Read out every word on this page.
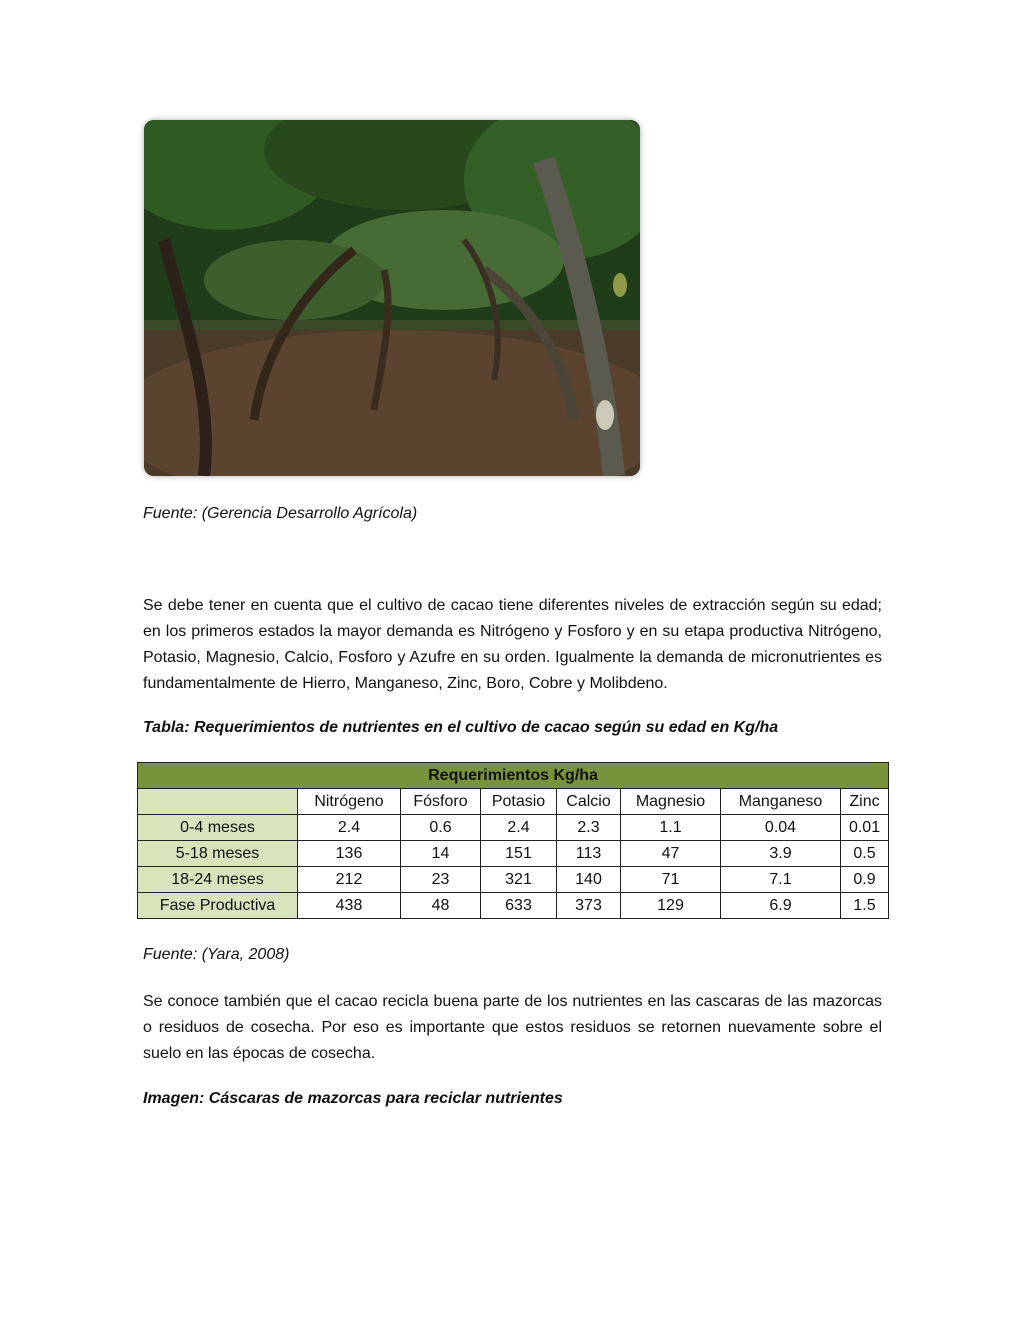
Fuente: (Gerencia Desarrollo Agrícola)

Se debe tener en cuenta que el cultivo de cacao tiene diferentes niveles de extracción según su edad; en los primeros estados la mayor demanda es Nitrógeno y Fosforo y en su etapa productiva Nitrógeno, Potasio, Magnesio, Calcio, Fosforo y Azufre en su orden. Igualmente la demanda de micronutrientes es fundamentalmente de Hierro, Manganeso, Zinc, Boro, Cobre y Molibdeno.

Tabla: Requerimientos de nutrientes en el cultivo de cacao según su edad en Kg/ha
Requerimientos Kg/ha							
	Nitrógeno	Fósforo	Potasio	Calcio	Magnesio	Manganeso	Zinc
0-4 meses	2.4	0.6	2.4	2.3	1.1	0.04	0.01
5-18 meses	136	14	151	113	47	3.9	0.5
18-24 meses	212	23	321	140	71	7.1	0.9
Fase Productiva	438	48	633	373	129	6.9	1.5
Fuente: (Yara, 2008)

Se conoce también que el cacao recicla buena parte de los nutrientes en las cascaras de las mazorcas o residuos de cosecha. Por eso es importante que estos residuos se retornen nuevamente sobre el suelo en las épocas de cosecha.

Imagen: Cáscaras de mazorcas para reciclar nutrientes
